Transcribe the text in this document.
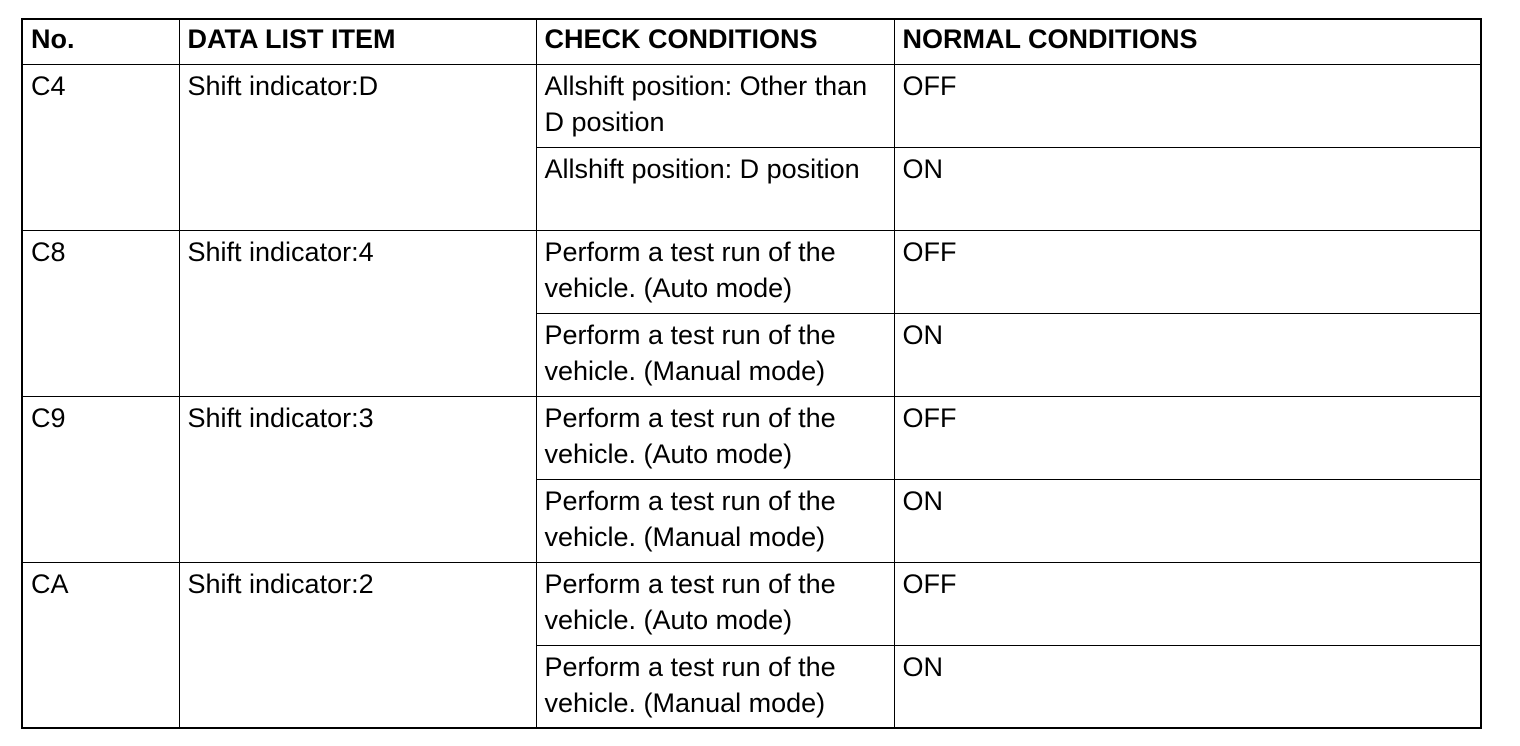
No.	DATA LIST ITEM	CHECK CONDITIONS	NORMAL CONDITIONS
C4	Shift indicator:D	Allshift position: Other than D position	OFF
		Allshift position: D position	ON
C8	Shift indicator:4	Perform a test run of the vehicle. (Auto mode)	OFF
		Perform a test run of the vehicle. (Manual mode)	ON
C9	Shift indicator:3	Perform a test run of the vehicle. (Auto mode)	OFF
		Perform a test run of the vehicle. (Manual mode)	ON
CA	Shift indicator:2	Perform a test run of the vehicle. (Auto mode)	OFF
		Perform a test run of the vehicle. (Manual mode)	ON
